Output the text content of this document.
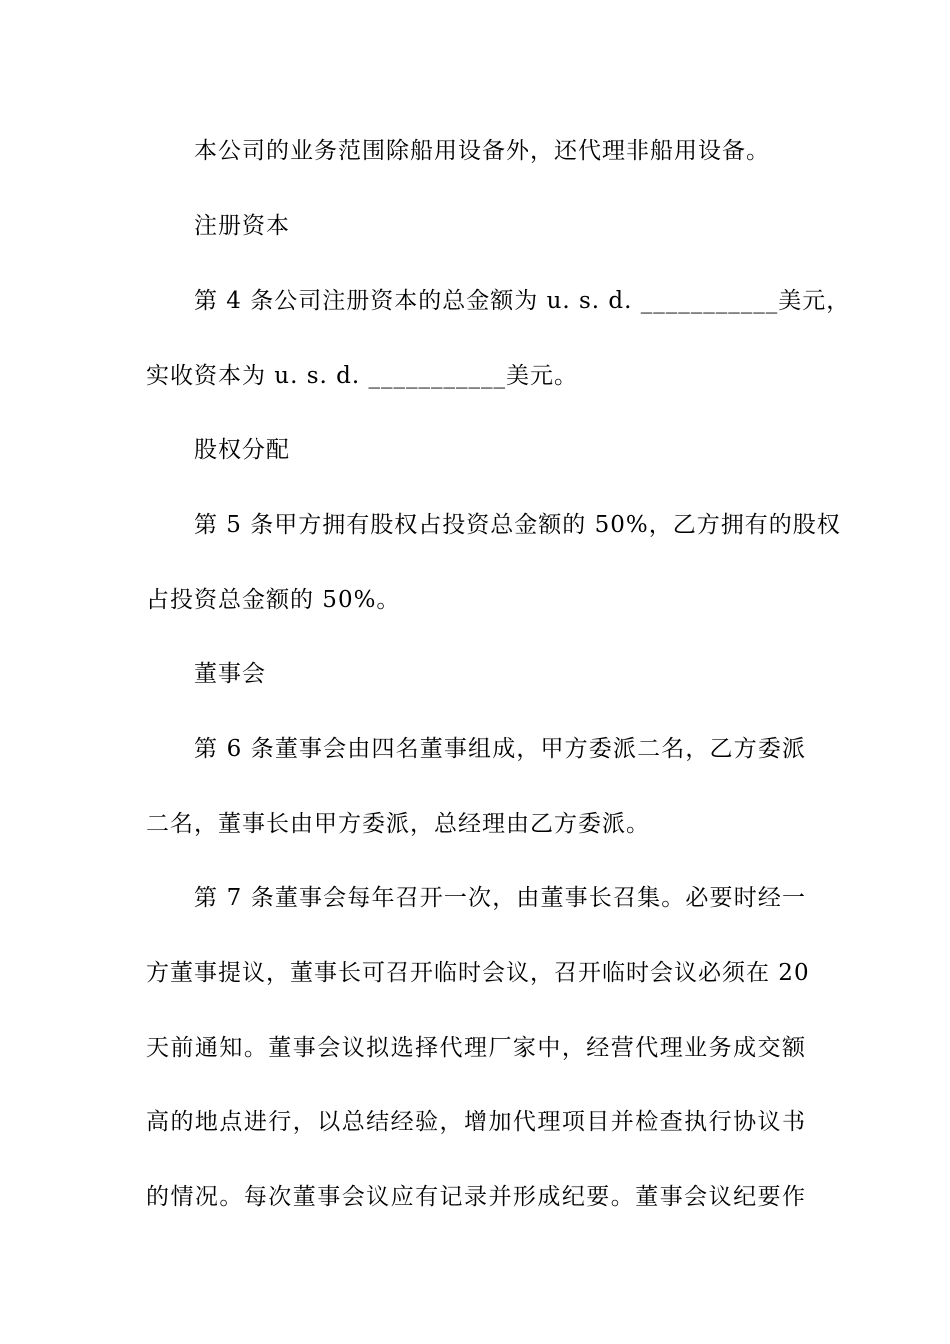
本公司的业务范围除船用设备外，还代理非船用设备。
注册资本
第 4 条公司注册资本的总金额为 u. s. d. ___________美元，
实收资本为 u. s. d. ___________美元。
股权分配
第 5 条甲方拥有股权占投资总金额的 50%，乙方拥有的股权
占投资总金额的 50%。
董事会
第 6 条董事会由四名董事组成，甲方委派二名，乙方委派
二名，董事长由甲方委派，总经理由乙方委派。
第 7 条董事会每年召开一次，由董事长召集。必要时经一
方董事提议，董事长可召开临时会议，召开临时会议必须在 20
天前通知。董事会议拟选择代理厂家中，经营代理业务成交额
高的地点进行，以总结经验，增加代理项目并检查执行协议书
的情况。每次董事会议应有记录并形成纪要。董事会议纪要作
